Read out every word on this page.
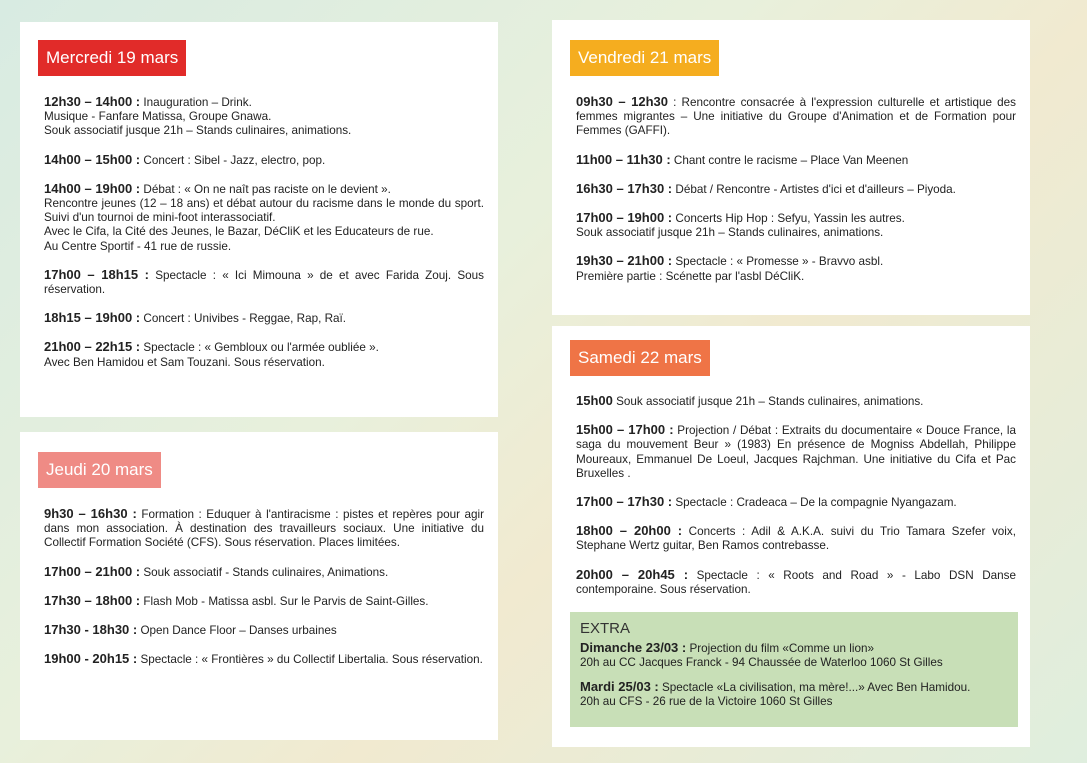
Mercredi 19 mars
12h30 – 14h00 : Inauguration – Drink.
Musique - Fanfare Matissa, Groupe Gnawa.
Souk associatif jusque 21h – Stands culinaires, animations.
14h00 – 15h00 : Concert : Sibel - Jazz, electro, pop.
14h00 – 19h00 : Débat : « On ne naît pas raciste on le devient ».
Rencontre jeunes (12 – 18 ans) et débat autour du racisme dans le monde du sport. Suivi d'un tournoi de mini-foot interassociatif.
Avec le Cifa, la Cité des Jeunes, le Bazar, DéCliK et les Educateurs de rue.
Au Centre Sportif - 41 rue de russie.
17h00 – 18h15 : Spectacle : « Ici Mimouna » de et avec Farida Zouj. Sous réservation.
18h15 – 19h00 : Concert : Univibes - Reggae, Rap, Raï.
21h00 – 22h15 : Spectacle : « Gembloux ou l'armée oubliée ».
Avec Ben Hamidou et Sam Touzani. Sous réservation.
Jeudi 20 mars
9h30 – 16h30 : Formation : Eduquer à l'antiracisme : pistes et repères pour agir dans mon association. À destination des travailleurs sociaux. Une initiative du Collectif Formation Société (CFS). Sous réservation. Places limitées.
17h00 – 21h00 : Souk associatif - Stands culinaires, Animations.
17h30 – 18h00 : Flash Mob - Matissa asbl. Sur le Parvis de Saint-Gilles.
17h30 - 18h30 : Open Dance Floor – Danses urbaines
19h00 - 20h15 : Spectacle : « Frontières » du Collectif Libertalia. Sous réservation.
Vendredi 21 mars
09h30 – 12h30 : Rencontre consacrée à l'expression culturelle et artistique des femmes migrantes – Une initiative du Groupe d'Animation et de Formation pour Femmes (GAFFI).
11h00 – 11h30 : Chant contre le racisme – Place Van Meenen
16h30 – 17h30 : Débat / Rencontre - Artistes d'ici et d'ailleurs – Piyoda.
17h00 – 19h00 : Concerts Hip Hop : Sefyu, Yassin les autres.
Souk associatif jusque 21h – Stands culinaires, animations.
19h30 – 21h00 : Spectacle : « Promesse » - Bravvo asbl.
Première partie : Scénette par l'asbl DéCliK.
Samedi 22 mars
15h00 Souk associatif jusque 21h – Stands culinaires, animations.
15h00 – 17h00 : Projection / Débat : Extraits du documentaire « Douce France, la saga du mouvement Beur » (1983) En présence de Mogniss Abdellah, Philippe Moureaux, Emmanuel De Loeul, Jacques Rajchman. Une initiative du Cifa et Pac Bruxelles .
17h00 – 17h30 : Spectacle : Cradeaca – De la compagnie Nyangazam.
18h00 – 20h00 : Concerts : Adil & A.K.A. suivi du Trio Tamara Szefer voix, Stephane Wertz guitar, Ben Ramos contrebasse.
20h00 – 20h45 : Spectacle : « Roots and Road » - Labo DSN Danse contemporaine. Sous réservation.
EXTRA
Dimanche 23/03 : Projection du film «Comme un lion»
20h au CC Jacques Franck - 94 Chaussée de Waterloo 1060 St Gilles
Mardi 25/03 : Spectacle «La civilisation, ma mère!...» Avec Ben Hamidou.
20h au CFS - 26 rue de la Victoire 1060 St Gilles
